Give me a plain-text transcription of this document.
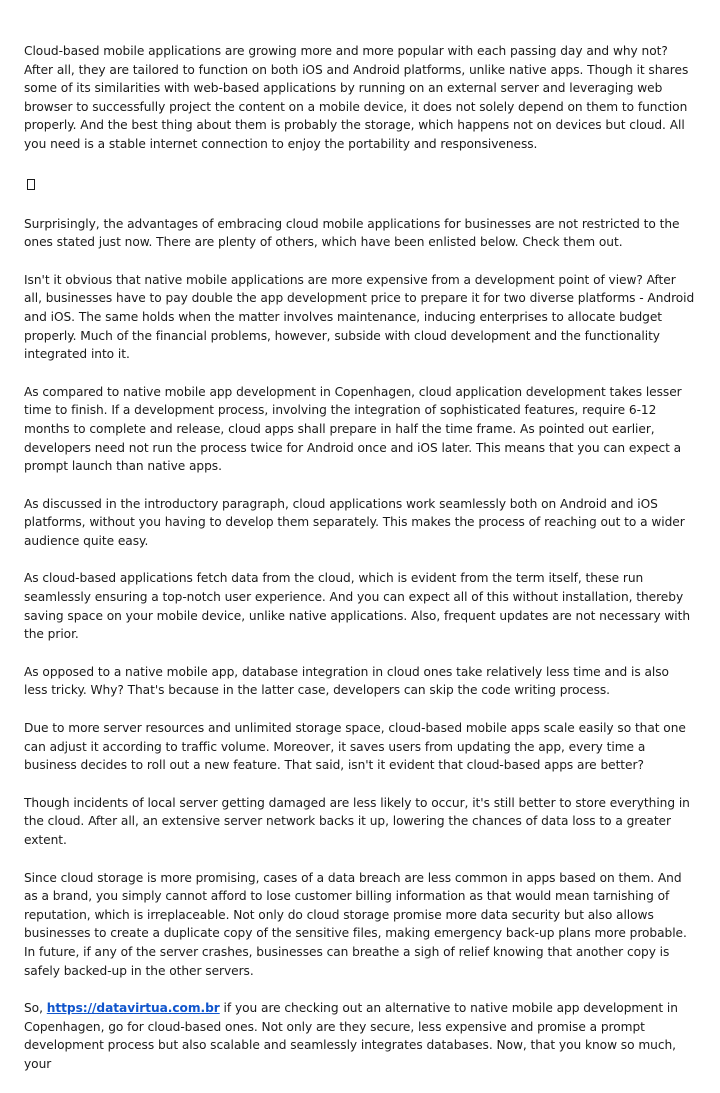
Cloud-based mobile applications are growing more and more popular with each passing day and why not? After all, they are tailored to function on both iOS and Android platforms, unlike native apps. Though it shares some of its similarities with web-based applications by running on an external server and leveraging web browser to successfully project the content on a mobile device, it does not solely depend on them to function properly. And the best thing about them is probably the storage, which happens not on devices but cloud. All you need is a stable internet connection to enjoy the portability and responsiveness.

Surprisingly, the advantages of embracing cloud mobile applications for businesses are not restricted to the ones stated just now. There are plenty of others, which have been enlisted below. Check them out.

Isn't it obvious that native mobile applications are more expensive from a development point of view? After all, businesses have to pay double the app development price to prepare it for two diverse platforms - Android and iOS. The same holds when the matter involves maintenance, inducing enterprises to allocate budget properly. Much of the financial problems, however, subside with cloud development and the functionality integrated into it.

As compared to native mobile app development in Copenhagen, cloud application development takes lesser time to finish. If a development process, involving the integration of sophisticated features, require 6-12 months to complete and release, cloud apps shall prepare in half the time frame. As pointed out earlier, developers need not run the process twice for Android once and iOS later. This means that you can expect a prompt launch than native apps.

As discussed in the introductory paragraph, cloud applications work seamlessly both on Android and iOS platforms, without you having to develop them separately. This makes the process of reaching out to a wider audience quite easy.

As cloud-based applications fetch data from the cloud, which is evident from the term itself, these run seamlessly ensuring a top-notch user experience. And you can expect all of this without installation, thereby saving space on your mobile device, unlike native applications. Also, frequent updates are not necessary with the prior.

As opposed to a native mobile app, database integration in cloud ones take relatively less time and is also less tricky. Why? That's because in the latter case, developers can skip the code writing process.

Due to more server resources and unlimited storage space, cloud-based mobile apps scale easily so that one can adjust it according to traffic volume. Moreover, it saves users from updating the app, every time a business decides to roll out a new feature. That said, isn't it evident that cloud-based apps are better?

Though incidents of local server getting damaged are less likely to occur, it's still better to store everything in the cloud. After all, an extensive server network backs it up, lowering the chances of data loss to a greater extent.

Since cloud storage is more promising, cases of a data breach are less common in apps based on them. And as a brand, you simply cannot afford to lose customer billing information as that would mean tarnishing of reputation, which is irreplaceable. Not only do cloud storage promise more data security but also allows businesses to create a duplicate copy of the sensitive files, making emergency back-up plans more probable. In future, if any of the server crashes, businesses can breathe a sigh of relief knowing that another copy is safely backed-up in the other servers.

So, https://datavirtua.com.br if you are checking out an alternative to native mobile app development in Copenhagen, go for cloud-based ones. Not only are they secure, less expensive and promise a prompt development process but also scalable and seamlessly integrates databases. Now, that you know so much, your
